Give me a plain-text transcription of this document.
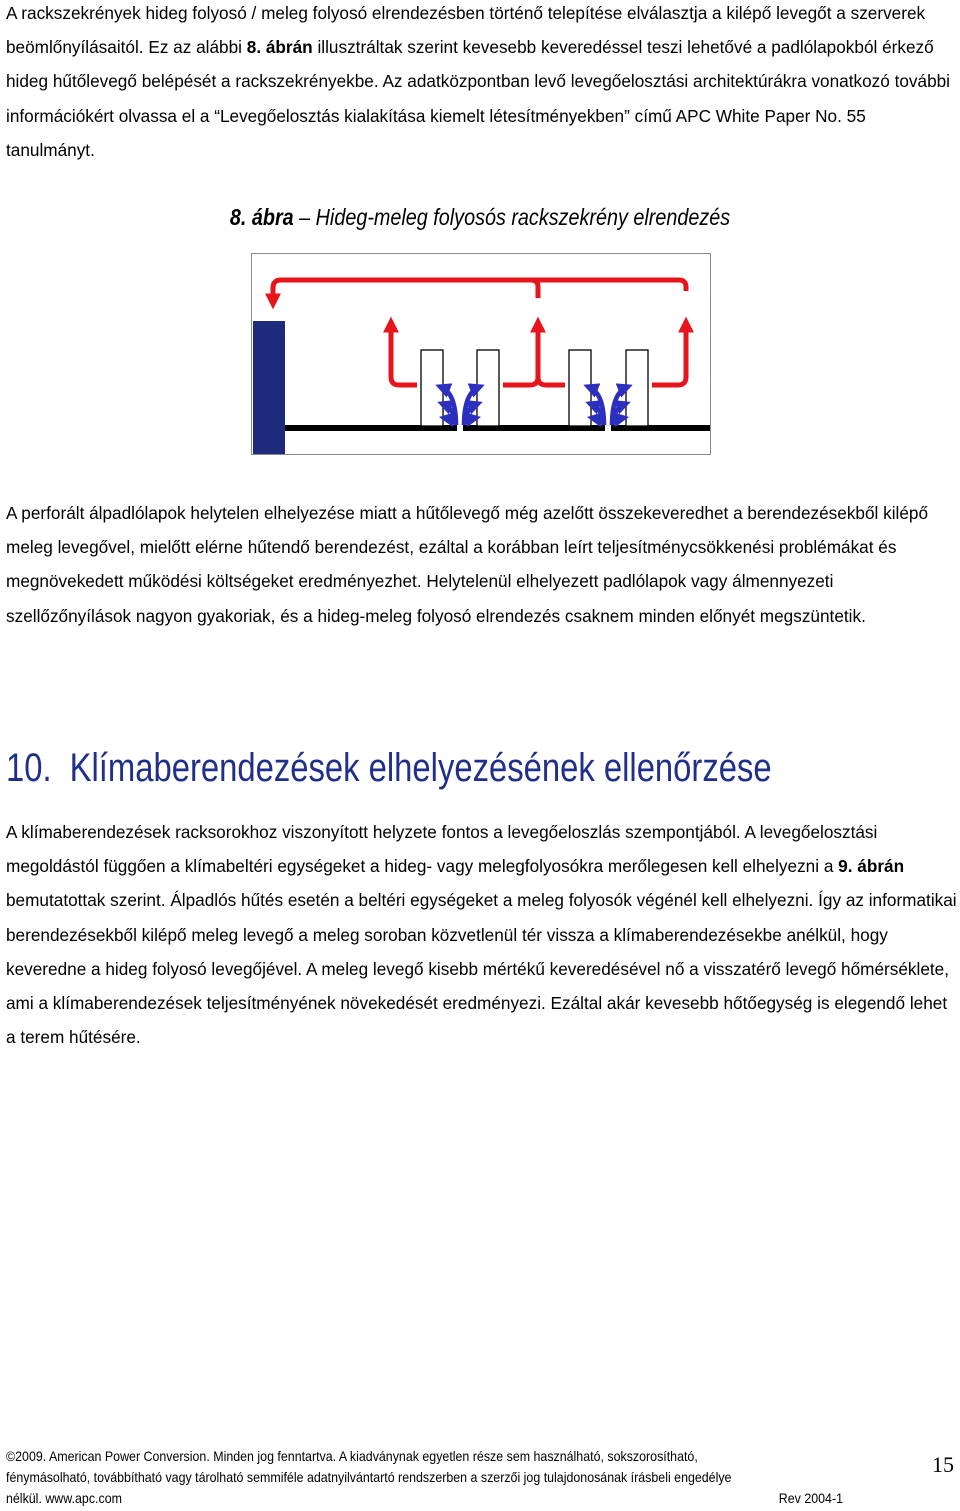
A rackszekrények hideg folyosó / meleg folyosó elrendezésben történő telepítése elválasztja a kilépő levegőt a szerverek beömlőnyílásaitól. Ez az alábbi 8. ábrán illusztráltak szerint kevesebb keveredéssel teszi lehetővé a padlólapokból érkező hideg hűtőlevegő belépését a rackszekrényekbe. Az adatközpontban levő levegőelosztási architektúrákra vonatkozó további információkért olvassa el a “Levegőelosztás kialakítása kiemelt létesítményekben” című APC White Paper No. 55 tanulmányt.

8. ábra – Hideg-meleg folyosós rackszekrény elrendezés

A perforált álpadlólapok helytelen elhelyezése miatt a hűtőlevegő még azelőtt összekeveredhet a berendezésekből kilépő meleg levegővel, mielőtt elérne hűtendő berendezést, ezáltal a korábban leírt teljesítménycsökkenési problémákat és megnövekedett működési költségeket eredményezhet. Helytelenül elhelyezett padlólapok vagy álmennyezeti szellőzőnyílások nagyon gyakoriak, és a hideg-meleg folyosó elrendezés csaknem minden előnyét megszüntetik.

10. Klímaberendezések elhelyezésének ellenőrzése

A klímaberendezések racksorokhoz viszonyított helyzete fontos a levegőeloszlás szempontjából. A levegőelosztási megoldástól függően a klímabeltéri egységeket a hideg- vagy melegfolyosókra merőlegesen kell elhelyezni a 9. ábrán bemutatottak szerint. Álpadlós hűtés esetén a beltéri egységeket a meleg folyosók végénél kell elhelyezni. Így az informatikai berendezésekből kilépő meleg levegő a meleg soroban közvetlenül tér vissza a klímaberendezésekbe anélkül, hogy keveredne a hideg folyosó levegőjével. A meleg levegő kisebb mértékű keveredésével nő a visszatérő levegő hőmérséklete, ami a klímaberendezések teljesítményének növekedését eredményezi. Ezáltal akár kevesebb hőtőegység is elegendő lehet a terem hűtésére.

©2009. American Power Conversion. Minden jog fenntartva. A kiadványnak egyetlen része sem használható, sokszorosítható,
fénymásolható, továbbítható vagy tárolható semmiféle adatnyilvántartó rendszerben a szerzői jog tulajdonosának írásbeli engedélye
nélkül. www.apc.com	Rev 2004-1
15
